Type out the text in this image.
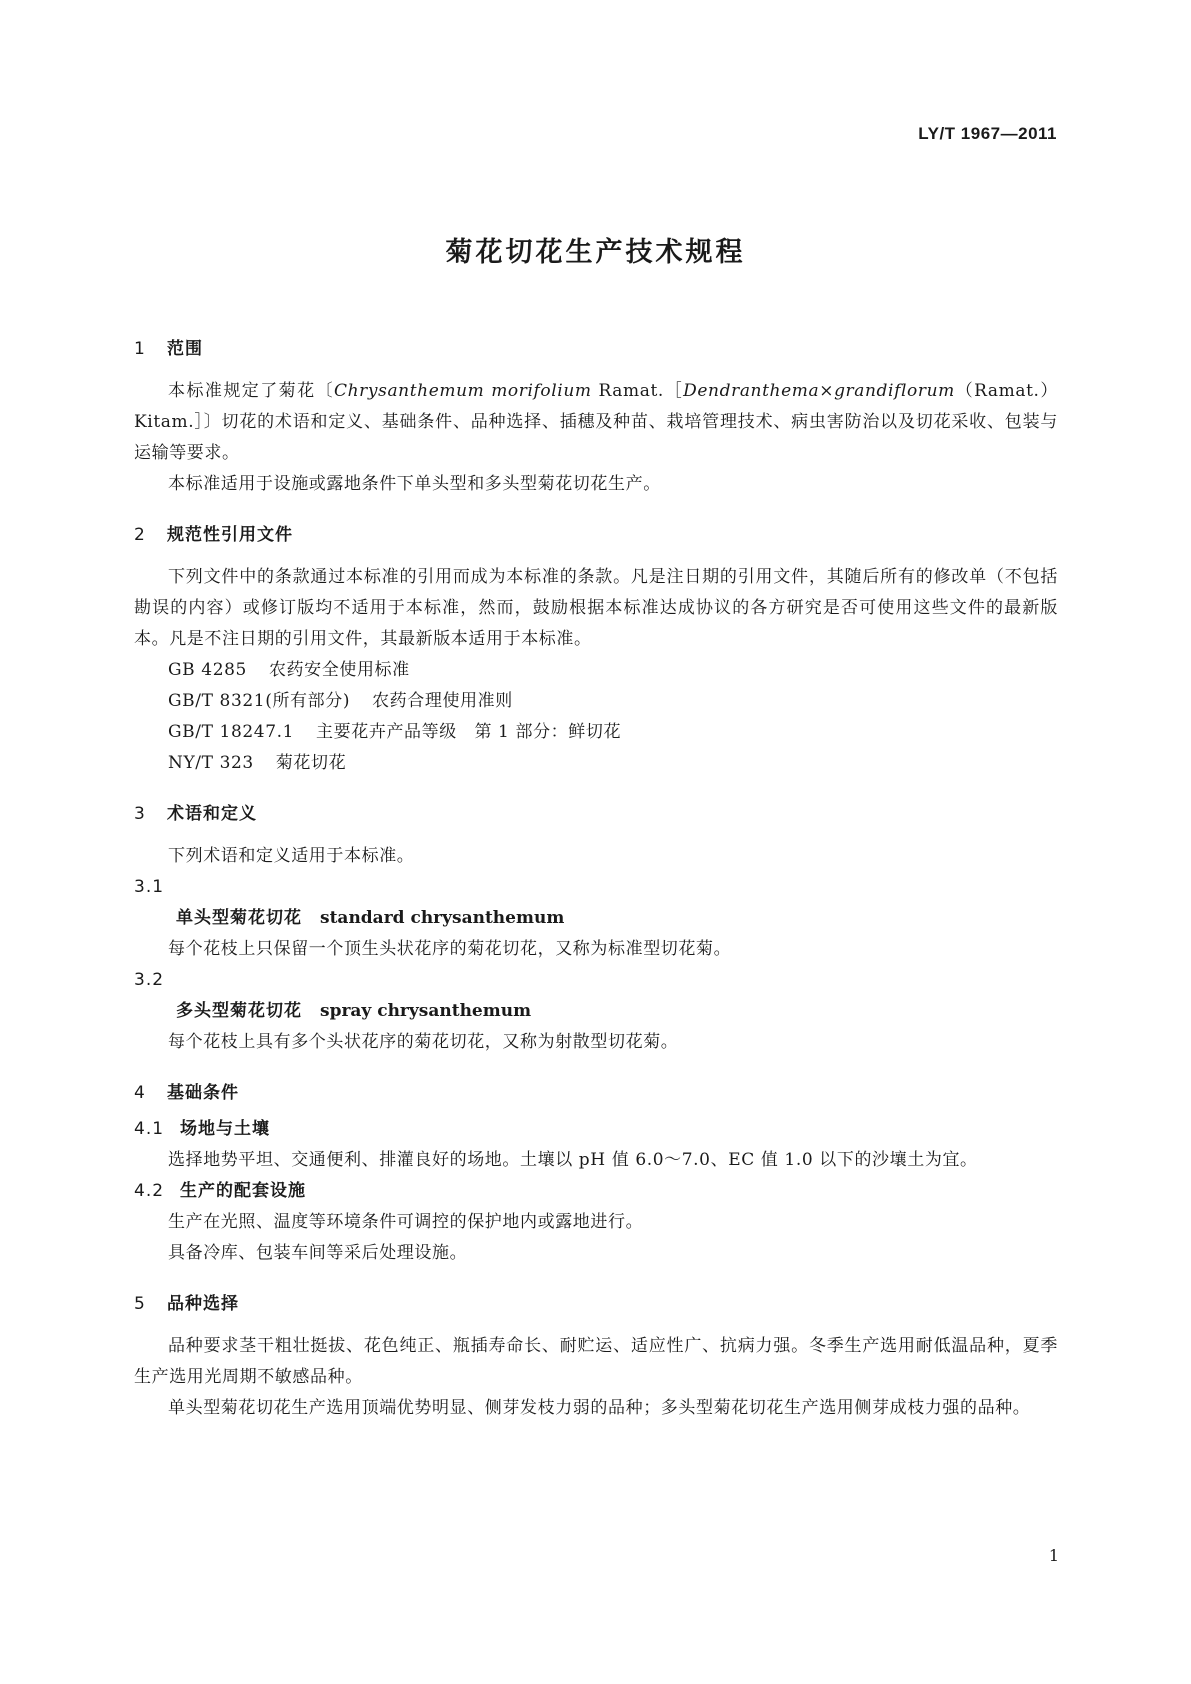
LY/T 1967—2011
菊花切花生产技术规程
1 范围

本标准规定了菊花〔Chrysanthemum morifolium Ramat.［Dendranthema×grandiflorum（Ramat.）Kitam.］〕切花的术语和定义、基础条件、品种选择、插穗及种苗、栽培管理技术、病虫害防治以及切花采收、包装与运输等要求。

本标准适用于设施或露地条件下单头型和多头型菊花切花生产。

2 规范性引用文件

下列文件中的条款通过本标准的引用而成为本标准的条款。凡是注日期的引用文件，其随后所有的修改单（不包括勘误的内容）或修订版均不适用于本标准，然而，鼓励根据本标准达成协议的各方研究是否可使用这些文件的最新版本。凡是不注日期的引用文件，其最新版本适用于本标准。

GB 4285 农药安全使用标准
GB/T 8321(所有部分) 农药合理使用准则
GB/T 18247.1 主要花卉产品等级　第 1 部分：鲜切花
NY/T 323 菊花切花
3 术语和定义

下列术语和定义适用于本标准。

3.1
单头型菊花切花 standard chrysanthemum

每个花枝上只保留一个顶生头状花序的菊花切花，又称为标准型切花菊。

3.2
多头型菊花切花 spray chrysanthemum

每个花枝上具有多个头状花序的菊花切花，又称为射散型切花菊。

4 基础条件
4.1 场地与土壤

选择地势平坦、交通便利、排灌良好的场地。土壤以 pH 值 6.0～7.0、EC 值 1.0 以下的沙壤土为宜。

4.2 生产的配套设施

生产在光照、温度等环境条件可调控的保护地内或露地进行。

具备冷库、包装车间等采后处理设施。

5 品种选择

品种要求茎干粗壮挺拔、花色纯正、瓶插寿命长、耐贮运、适应性广、抗病力强。冬季生产选用耐低温品种，夏季生产选用光周期不敏感品种。

单头型菊花切花生产选用顶端优势明显、侧芽发枝力弱的品种；多头型菊花切花生产选用侧芽成枝力强的品种。

1
